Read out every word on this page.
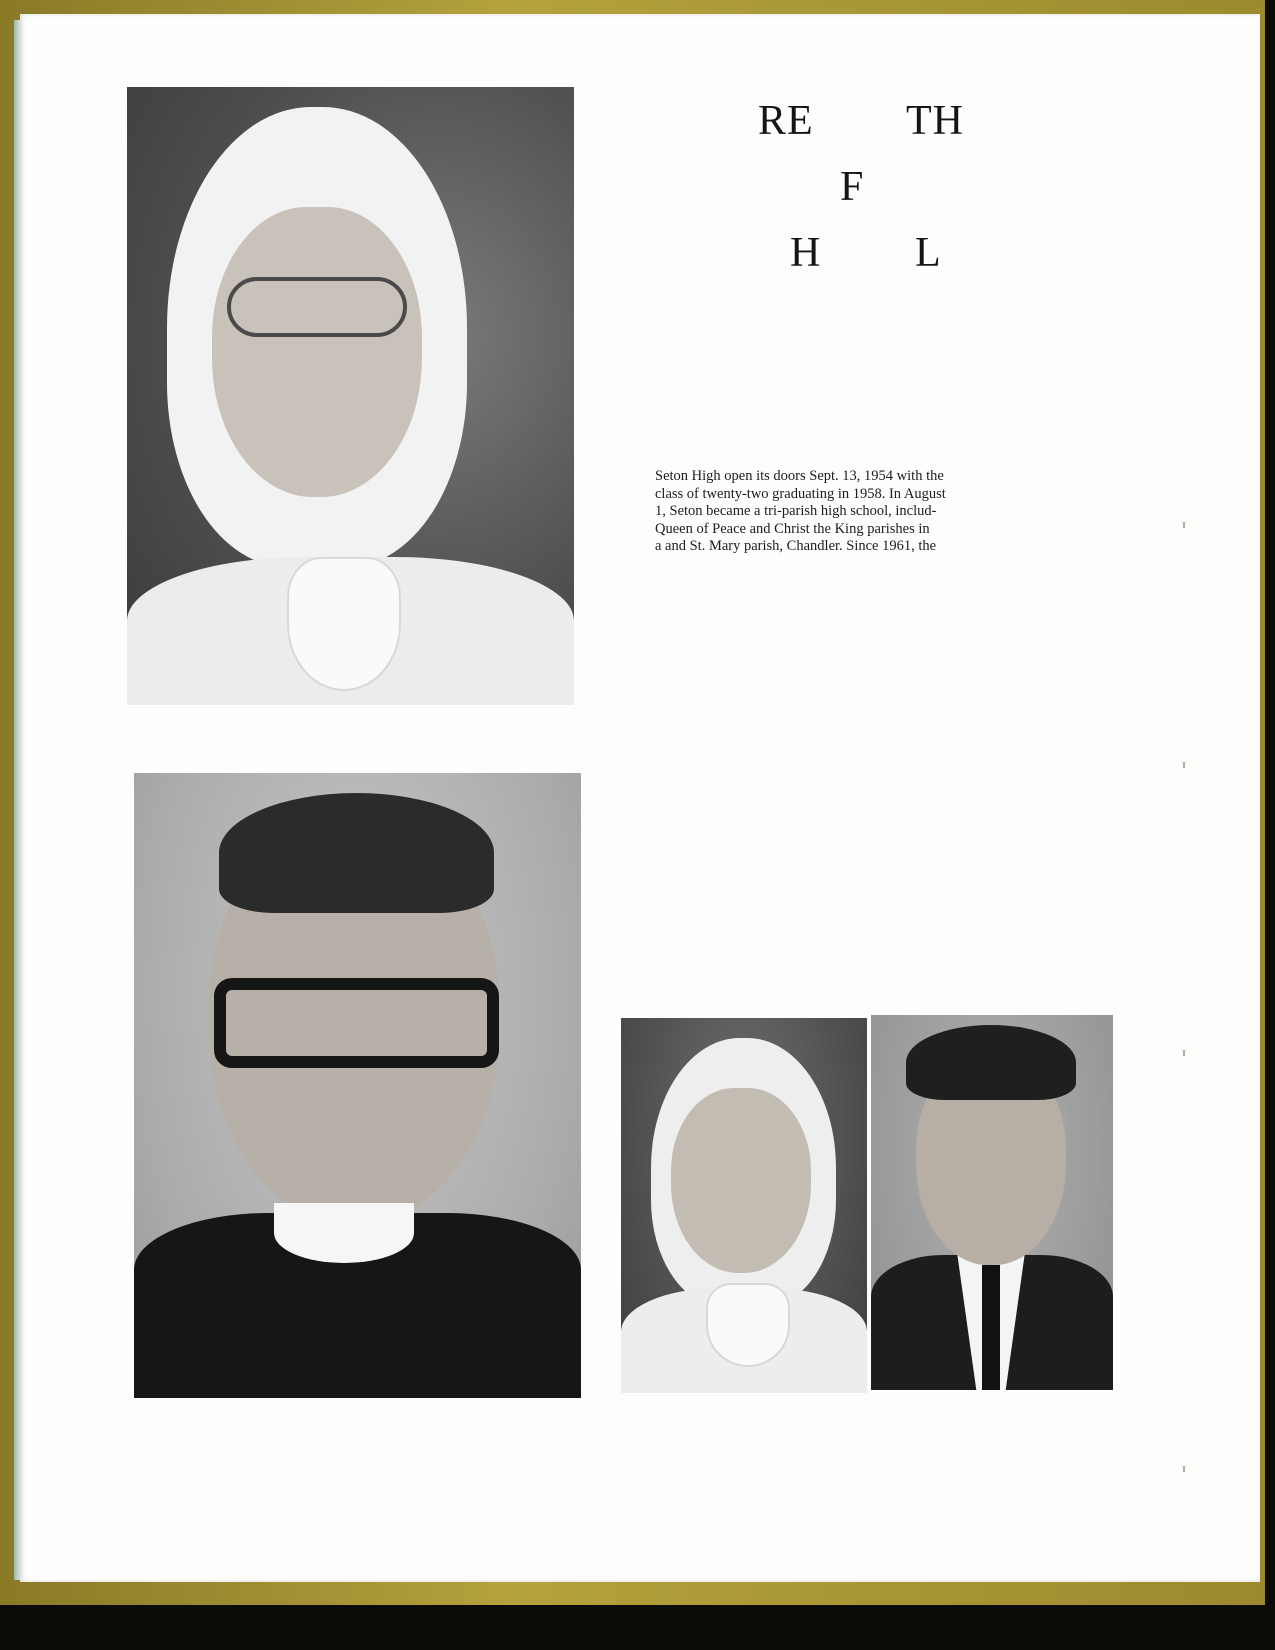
RE TH
F
H L
Seton High open its doors Sept. 13, 1954 with the
class of twenty-two graduating in 1958. In August
1, Seton became a tri-parish high school, includ-
Queen of Peace and Christ the King parishes in
a and St. Mary parish, Chandler. Since 1961, the
